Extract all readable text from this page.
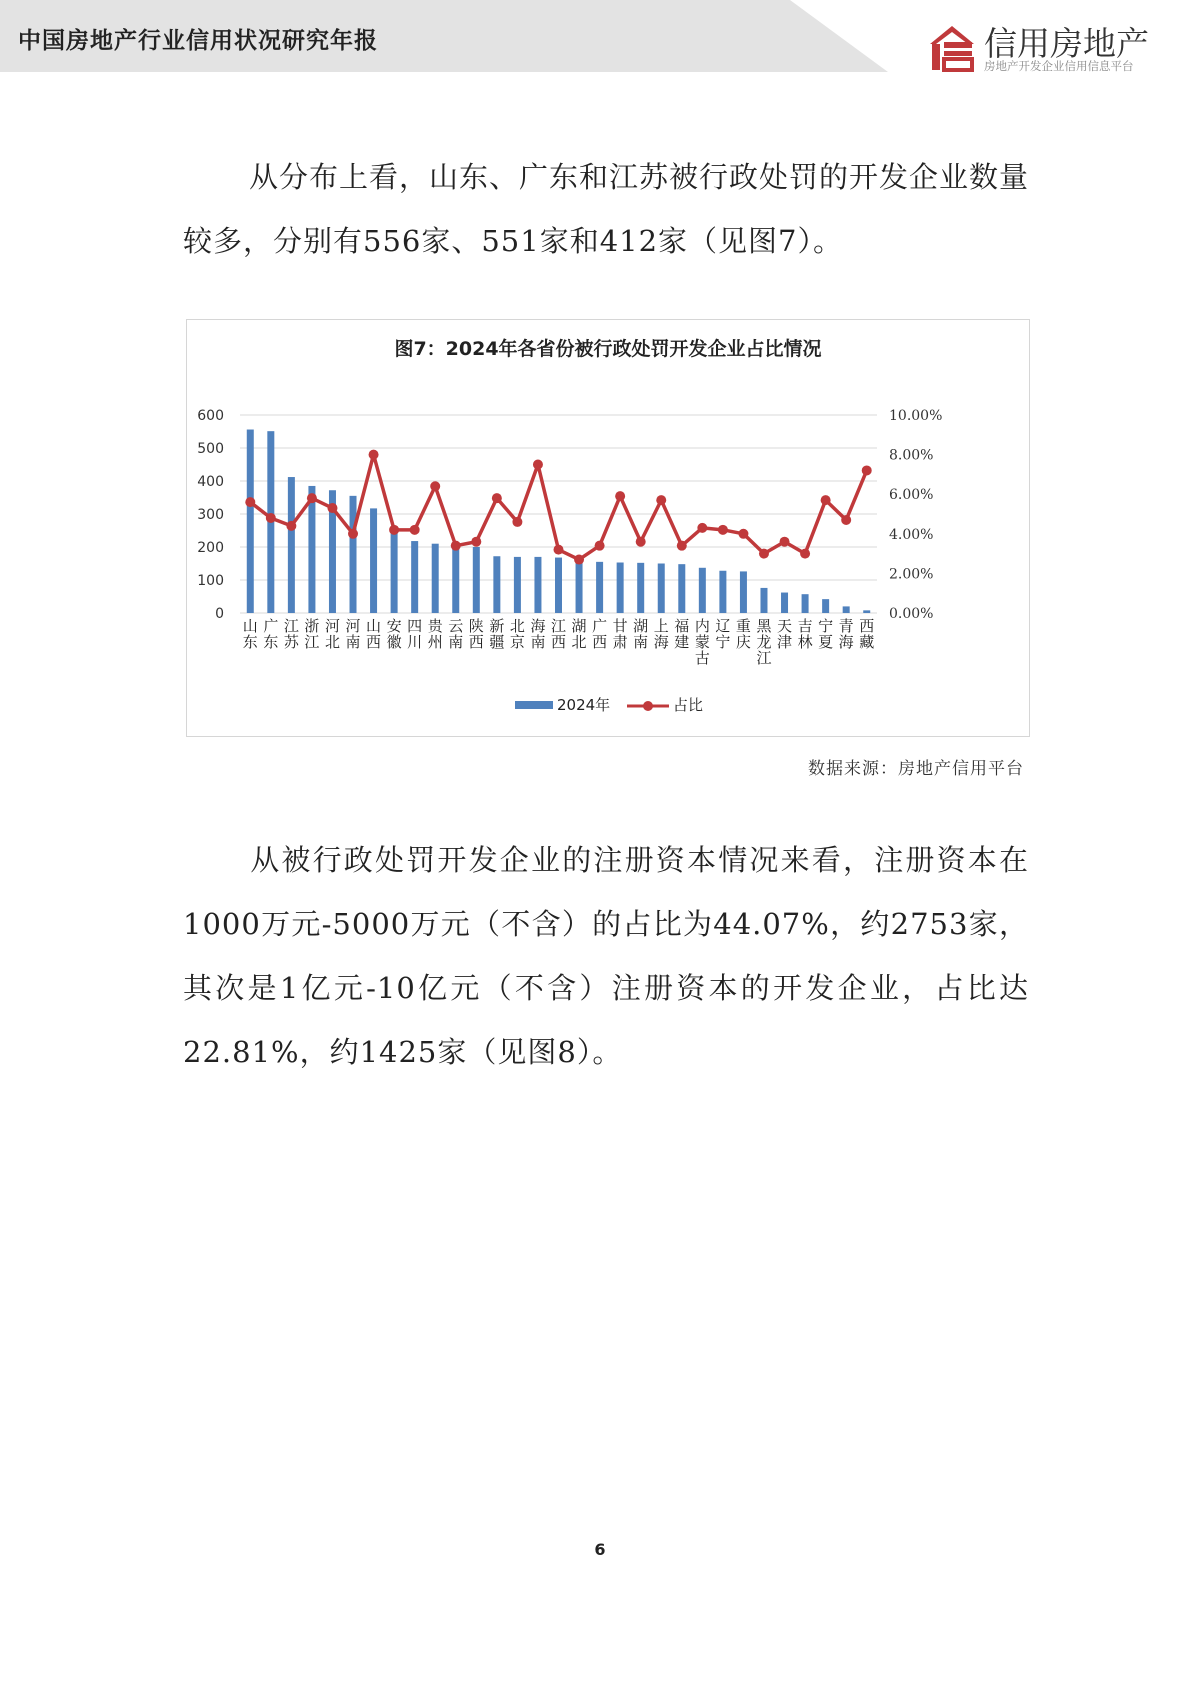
中国房地产行业信用状况研究年报	信用房地产
房地产开发企业信用信息平台

从分布上看，山东、广东和江苏被行政处罚的开发企业数量较多，分别有556家、551家和412家（见图7）。

图7：2024年各省份被行政处罚开发企业占比情况
0
100
200
300
400
500
600
0.00%
2.00%
4.00%
6.00%
8.00%
10.00%
山东
广东
江苏
浙江
河北
河南
山西
安徽
四川
贵州
云南
陕西
新疆
北京
海南
江西
湖北
广西
甘肃
湖南
上海
福建
内蒙古
辽宁
重庆
黑龙江
天津
吉林
宁夏
青海
西藏
2024年	占比
数据来源：房地产信用平台

从被行政处罚开发企业的注册资本情况来看，注册资本在1000万元-5000万元（不含）的占比为44.07%，约2753家，其次是1亿元-10亿元（不含）注册资本的开发企业，占比达22.81%，约1425家（见图8）。

6
